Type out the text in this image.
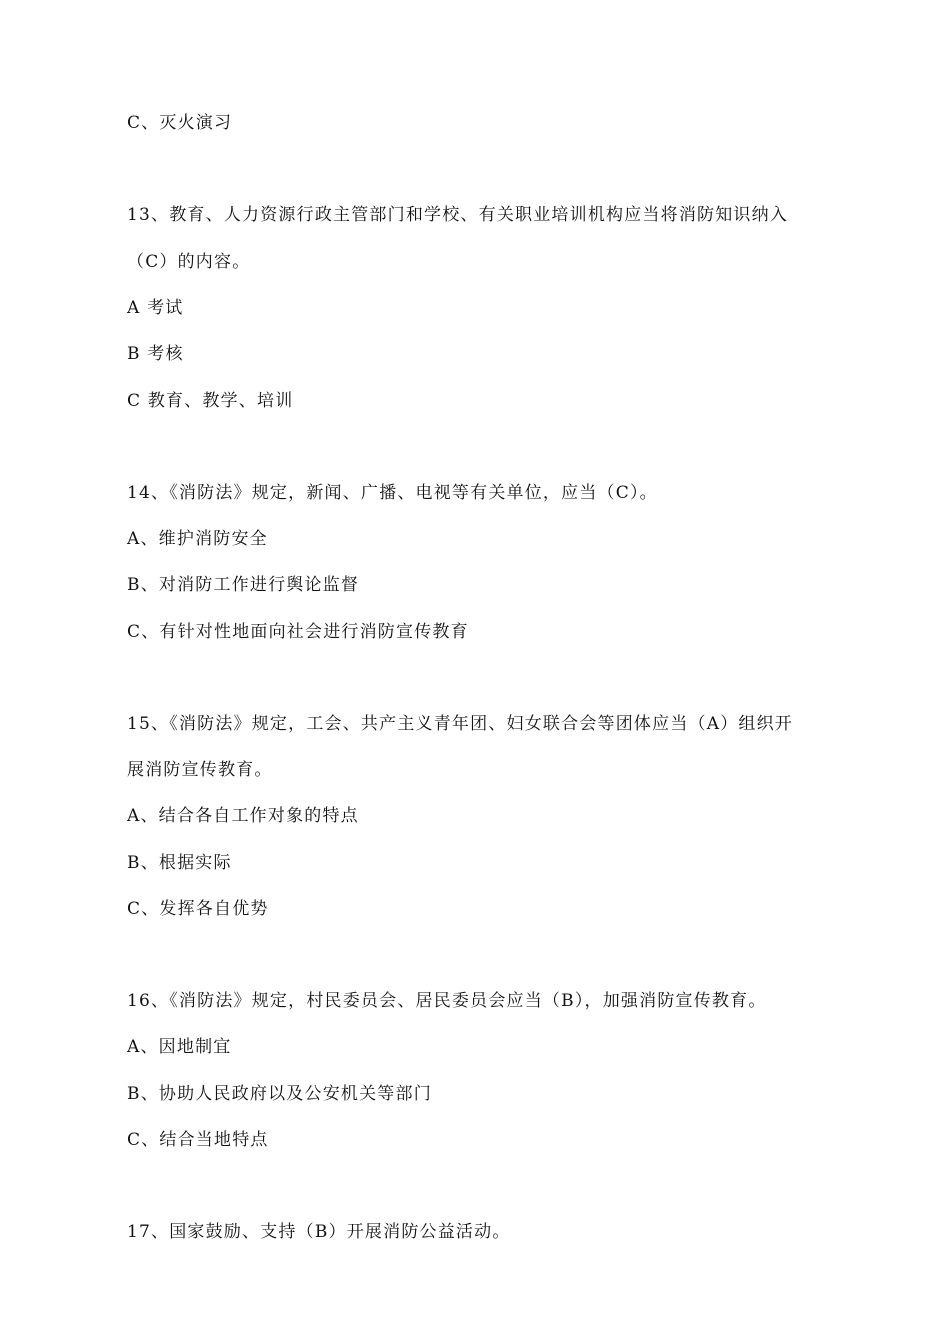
C、灭火演习
13、教育、人力资源行政主管部门和学校、有关职业培训机构应当将消防知识纳入
（C）的内容。
A 考试
B 考核
C 教育、教学、培训
14、《消防法》规定，新闻、广播、电视等有关单位，应当（C）。
A、维护消防安全
B、对消防工作进行舆论监督
C、有针对性地面向社会进行消防宣传教育
15、《消防法》规定，工会、共产主义青年团、妇女联合会等团体应当（A）组织开
展消防宣传教育。
A、结合各自工作对象的特点
B、根据实际
C、发挥各自优势
16、《消防法》规定，村民委员会、居民委员会应当（B），加强消防宣传教育。
A、因地制宜
B、协助人民政府以及公安机关等部门
C、结合当地特点
17、国家鼓励、支持（B）开展消防公益活动。
